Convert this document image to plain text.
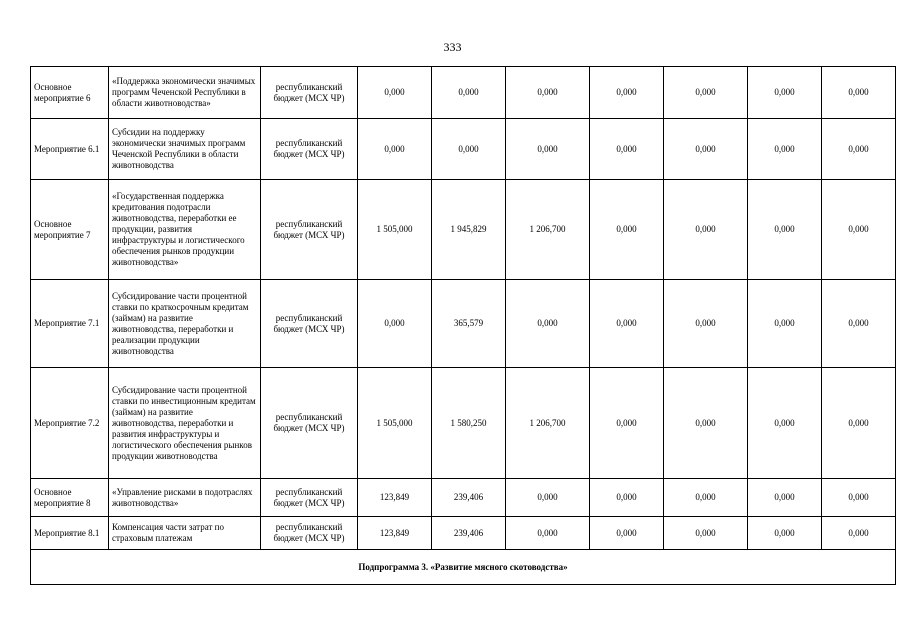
333
Основное мероприятие 6	«Поддержка экономически значимых программ Чеченской Республики в области животноводства»	республиканский бюджет (МСХ ЧР)	0,000	0,000	0,000	0,000	0,000	0,000	0,000
Мероприятие 6.1	Субсидии на поддержку экономически значимых программ Чеченской Республики в области животноводства	республиканский бюджет (МСХ ЧР)	0,000	0,000	0,000	0,000	0,000	0,000	0,000
Основное мероприятие 7	«Государственная поддержка кредитования подотрасли животноводства, переработки ее продукции, развития инфраструктуры и логистического обеспечения рынков продукции животноводства»	республиканский бюджет (МСХ ЧР)	1 505,000	1 945,829	1 206,700	0,000	0,000	0,000	0,000
Мероприятие 7.1	Субсидирование части процентной ставки по краткосрочным кредитам (займам) на развитие животноводства, переработки и реализации продукции животноводства	республиканский бюджет (МСХ ЧР)	0,000	365,579	0,000	0,000	0,000	0,000	0,000
Мероприятие 7.2	Субсидирование части процентной ставки по инвестиционным кредитам (займам) на развитие животноводства, переработки и развития инфраструктуры и логистического обеспечения рынков продукции животноводства	республиканский бюджет (МСХ ЧР)	1 505,000	1 580,250	1 206,700	0,000	0,000	0,000	0,000
Основное мероприятие 8	«Управление рисками в подотраслях животноводства»	республиканский бюджет (МСХ ЧР)	123,849	239,406	0,000	0,000	0,000	0,000	0,000
Мероприятие 8.1	Компенсация части затрат по страховым платежам	республиканский бюджет (МСХ ЧР)	123,849	239,406	0,000	0,000	0,000	0,000	0,000
Подпрограмма 3. «Развитие мясного скотоводства»									
